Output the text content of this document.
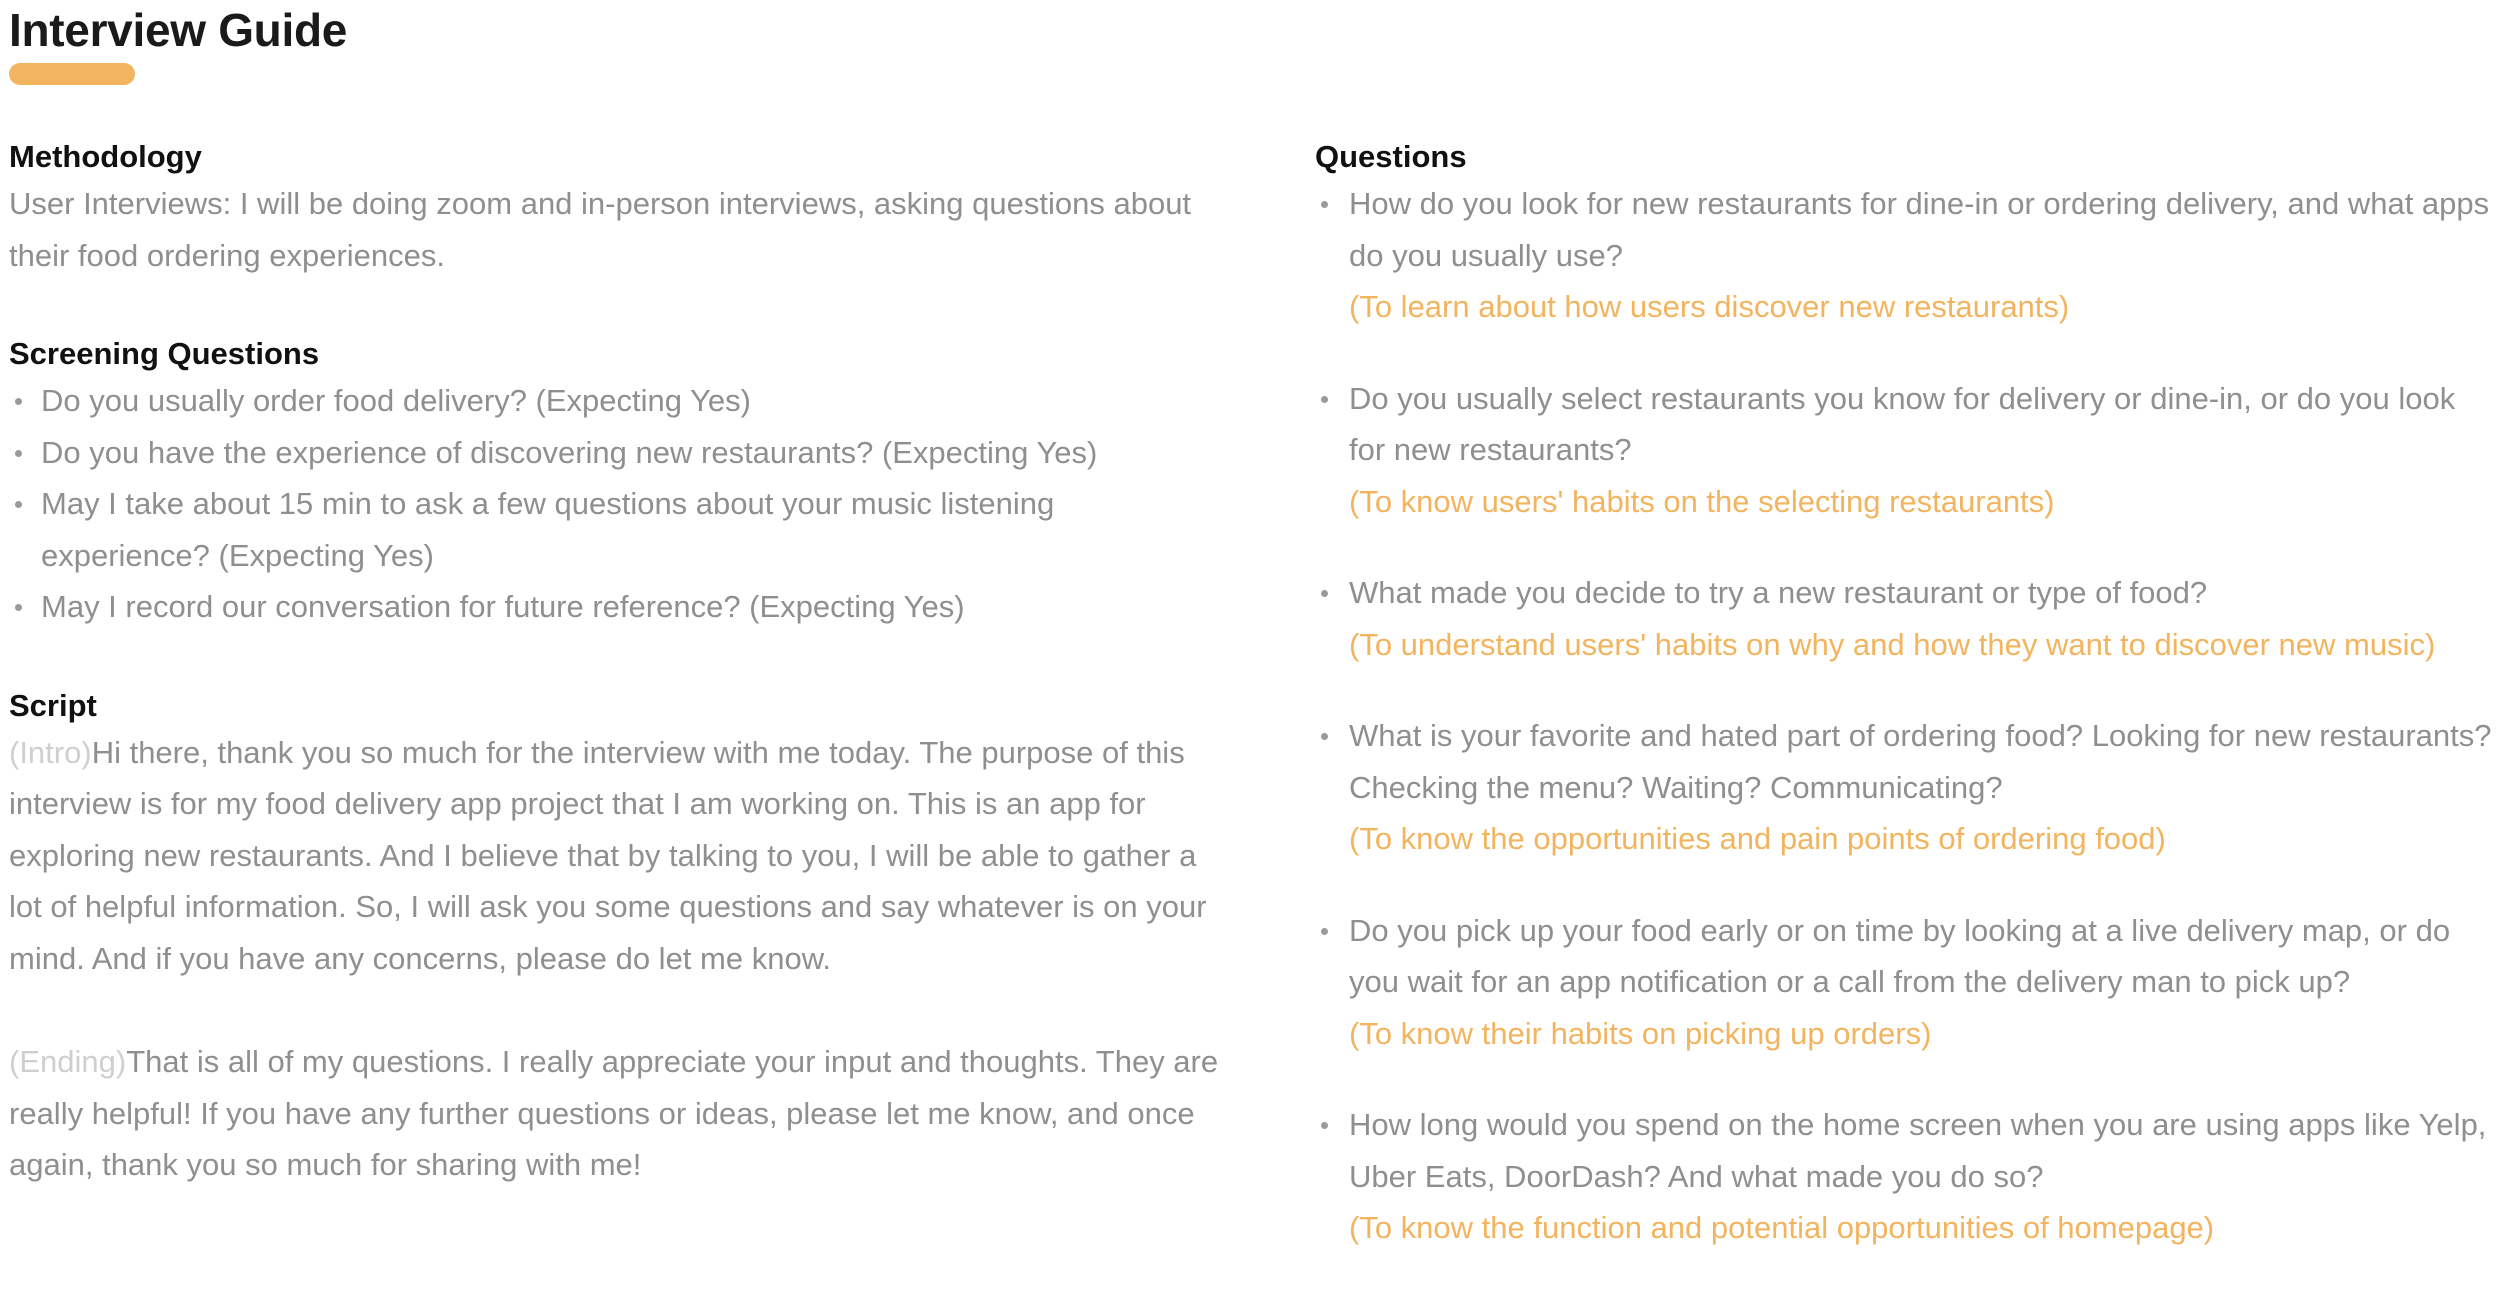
Interview Guide
Methodology

User Interviews: I will be doing zoom and in-person interviews, asking questions about their food ordering experiences.

Screening Questions
Do you usually order food delivery? (Expecting Yes)
Do you have the experience of discovering new restaurants? (Expecting Yes)
May I take about 15 min to ask a few questions about your music listening experience? (Expecting Yes)
May I record our conversation for future reference? (Expecting Yes)
Script

(Intro)Hi there, thank you so much for the interview with me today. The purpose of this interview is for my food delivery app project that I am working on. This is an app for exploring new restaurants. And I believe that by talking to you, I will be able to gather a lot of helpful information. So, I will ask you some questions and say whatever is on your mind. And if you have any concerns, please do let me know.

(Ending)That is all of my questions. I really appreciate your input and thoughts. They are really helpful! If you have any further questions or ideas, please let me know, and once again, thank you so much for sharing with me!

Questions
How do you look for new restaurants for dine-in or ordering delivery, and what apps do you usually use?
(To learn about how users discover new restaurants)
Do you usually select restaurants you know for delivery or dine-in, or do you look for new restaurants?
(To know users' habits on the selecting restaurants)
What made you decide to try a new restaurant or type of food?
(To understand users' habits on why and how they want to discover new music)
What is your favorite and hated part of ordering food? Looking for new restaurants? Checking the menu? Waiting? Communicating?
(To know the opportunities and pain points of ordering food)
Do you pick up your food early or on time by looking at a live delivery map, or do you wait for an app notification or a call from the delivery man to pick up?
(To know their habits on picking up orders)
How long would you spend on the home screen when you are using apps like Yelp, Uber Eats, DoorDash? And what made you do so?
(To know the function and potential opportunities of homepage)
